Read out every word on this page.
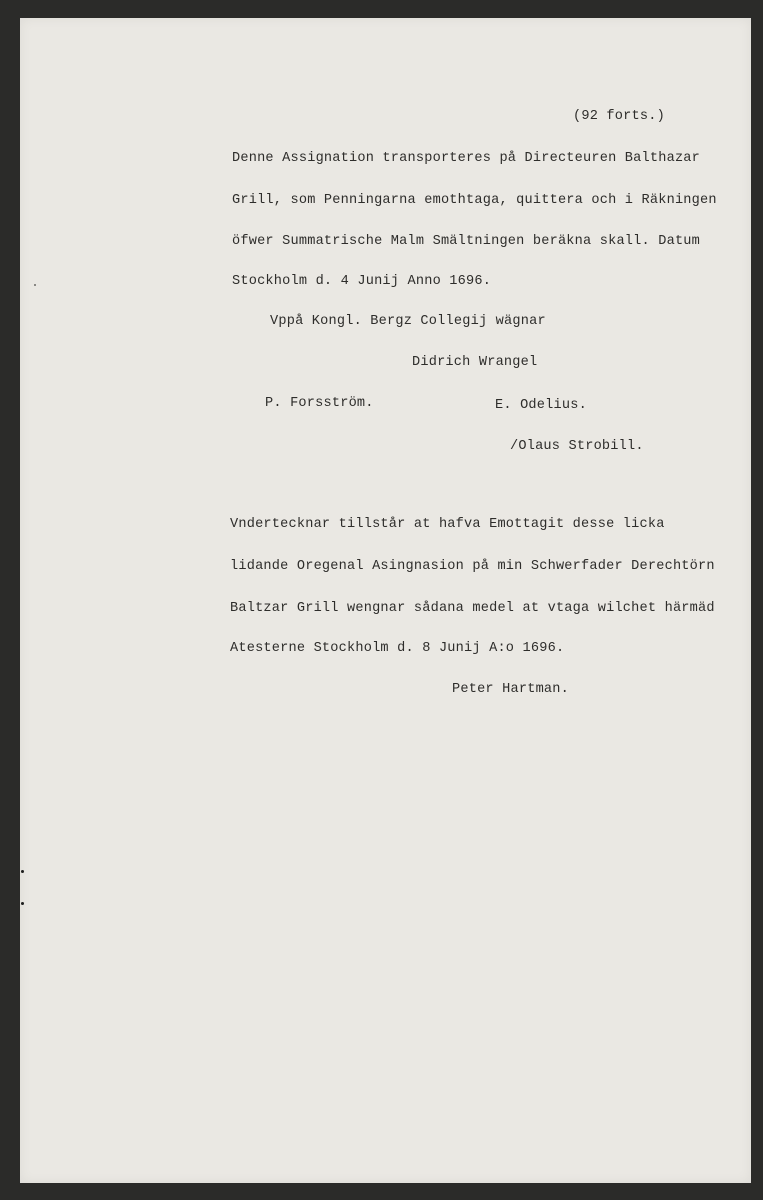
(92 forts.)
Denne Assignation transporteres på Directeuren Balthazar
Grill, som Penningarna emothtaga, quittera och i Räkningen
öfwer Summatrische Malm Smältningen beräkna skall. Datum
Stockholm d. 4 Junij Anno 1696.
Vppå Kongl. Bergz Collegij wägnar
Didrich Wrangel
P. Forsström.	E. Odelius.
/Olaus Strobill.
Vndertecknar tillstår at hafva Emottagit desse licka
lidande Oregenal Asingnasion på min Schwerfader Derechtörn
Baltzar Grill wengnar sådana medel at vtaga wilchet härmäd
Atesterne Stockholm d. 8 Junij A:o 1696.
Peter Hartman.
